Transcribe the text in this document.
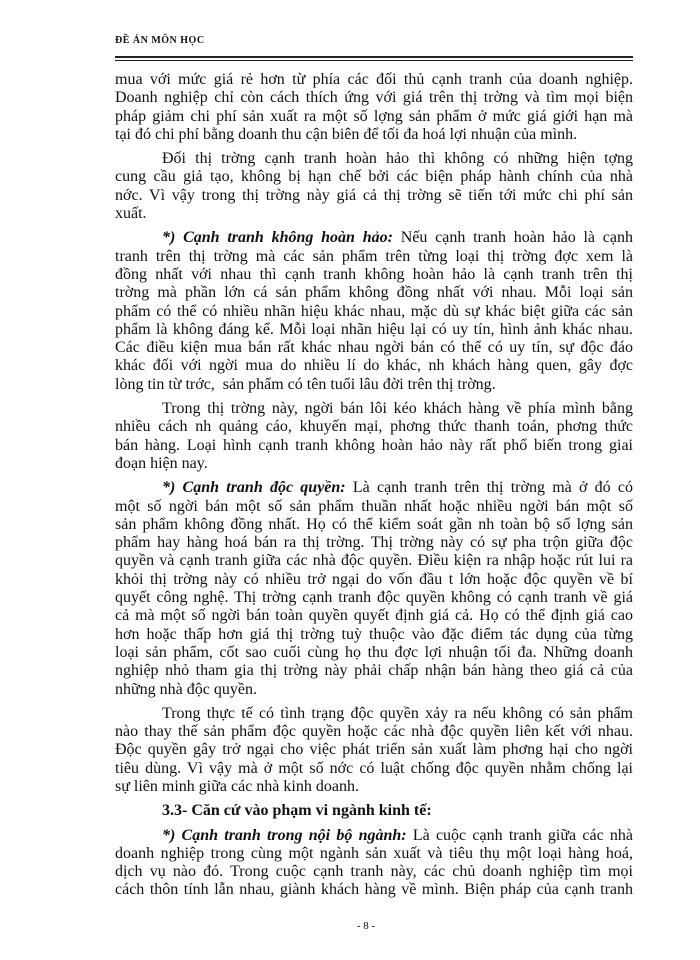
ĐỀ ÁN MÔN HỌC
mua với mức giá rẻ hơn từ phía các đối thủ cạnh tranh của doanh nghiệp.
Doanh nghiệp chỉ còn cách thích ứng với giá trên thị trờng và tìm mọi biện
pháp giảm chi phí sản xuất ra một số lợng sản phẩm ở mức giá giới hạn mà
tại đó chi phí bằng doanh thu cận biên để tối đa hoá lợi nhuận của mình.
Đối thị trờng cạnh tranh hoàn hảo thì không có những hiện tợng
cung cầu giả tạo, không bị hạn chế bởi các biện pháp hành chính của nhà
nớc. Vì vậy trong thị trờng này giá cả thị trờng sẽ tiến tới mức chi phí sản
xuất.
*) Cạnh tranh không hoàn hảo: Nếu cạnh tranh hoàn hảo là cạnh
tranh trên thị trờng mà các sản phẩm trên từng loại thị trờng đợc xem là
đồng nhất với nhau thì cạnh tranh không hoàn hảo là cạnh tranh trên thị
trờng mà phần lớn cá sản phẩm không đồng nhất với nhau. Mỗi loại sản
phẩm có thể có nhiều nhãn hiệu khác nhau, mặc dù sự khác biệt giữa các sản
phẩm là không đáng kể. Mỗi loại nhãn hiệu lại có uy tín, hình ảnh khác nhau.
Các điều kiện mua bán rất khác nhau ngời bán có thể có uy tín, sự độc đáo
khác đối với ngời mua do nhiều lí do khác, nh khách hàng quen, gây đợc
lòng tin từ trớc,  sản phẩm có tên tuổi lâu đời trên thị trờng.
Trong thị trờng này, ngời bán lôi kéo khách hàng về phía mình bằng
nhiều cách nh quảng cáo, khuyến mại, phơng thức thanh toán, phơng thức
bán hàng. Loại hình cạnh tranh không hoàn hảo này rất phổ biến trong giai
đoạn hiện nay.
*) Cạnh tranh độc quyền: Là cạnh tranh trên thị trờng mà ở đó có
một số ngời bán một số sản phẩm thuần nhất hoặc nhiều ngời bán một số
sản phẩm không đồng nhất. Họ có thể kiểm soát gần nh toàn bộ số lợng sản
phẩm hay hàng hoá bán ra thị trờng. Thị trờng này có sự pha trộn giữa độc
quyền và cạnh tranh giữa các nhà độc quyền. Điều kiện ra nhập hoặc rút lui ra
khỏi thị trờng này có nhiều trở ngại do vốn đầu t lớn hoặc độc quyền về bí
quyết công nghệ. Thị trờng cạnh tranh độc quyền không có cạnh tranh về giá
cả mà một số ngời bán toàn quyền quyết định giá cả. Họ có thể định giá cao
hơn hoặc thấp hơn giá thị trờng tuỳ thuộc vào đặc điểm tác dụng của từng
loại sản phẩm, cốt sao cuối cùng họ thu đợc lợi nhuận tối đa. Những doanh
nghiệp nhỏ tham gia thị trờng này phải chấp nhận bán hàng theo giá cả của
những nhà độc quyền.
Trong thực tế có tình trạng độc quyền xảy ra nếu không có sản phẩm
nào thay thế sản phẩm độc quyền hoặc các nhà độc quyền liên kết với nhau.
Độc quyền gây trở ngại cho việc phát triển sản xuất làm phơng hại cho ngời
tiêu dùng. Vì vậy mà ở một số nớc có luật chống độc quyền nhằm chống lại
sự liên minh giữa các nhà kinh doanh.
3.3- Căn cứ vào phạm vi ngành kinh tế:
*) Cạnh tranh trong nội bộ ngành: Là cuộc cạnh tranh giữa các nhà
doanh nghiệp trong cùng một ngành sản xuất và tiêu thụ một loại hàng hoá,
dịch vụ nào đó. Trong cuộc cạnh tranh này, các chủ doanh nghiệp tìm mọi
cách thôn tính lẫn nhau, giành khách hàng về mình. Biện pháp của cạnh tranh
- 8 -
